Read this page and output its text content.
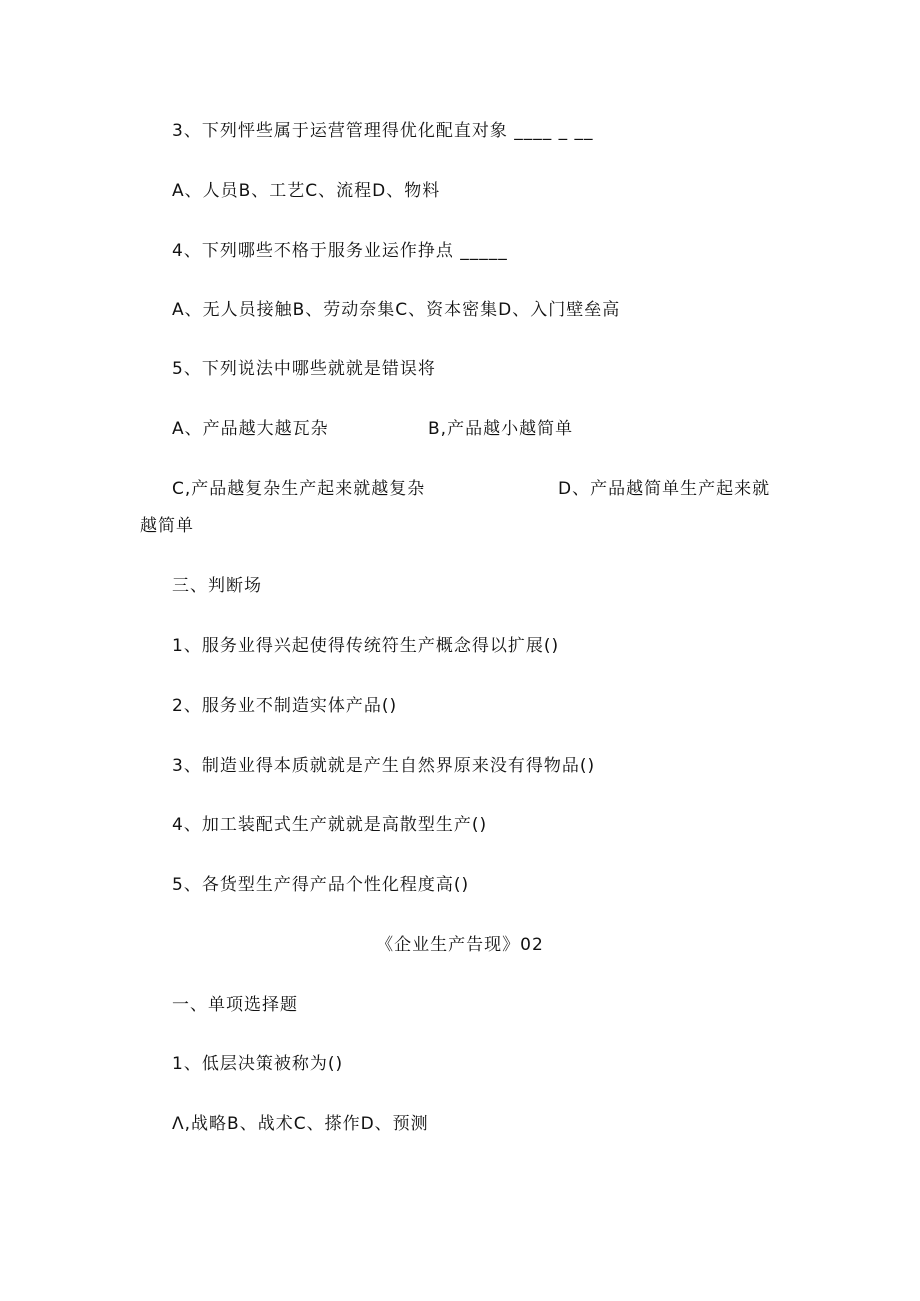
3、下列怦些属于运营管理得优化配直对象 ____ _ __
A、人员B、工艺C、流程D、物料
4、下列哪些不格于服务业运作挣点 _____
A、无人员接触B、劳动奈集C、资本密集D、入门壁垒高
5、下列说法中哪些就就是错误将
A、产品越大越瓦杂	B,产品越小越简单
C,产品越复杂生产起来就越复杂	D、产品越简单生产起来就
越简单
三、判断场
1、服务业得兴起使得传统符生产概念得以扩展()
2、服务业不制造实体产品()
3、制造业得本质就就是产生自然界原来没有得物品()
4、加工装配式生产就就是高散型生产()
5、各货型生产得产品个性化程度高()
《企业生产告现》02
一、单项选择题
1、低层决策被称为()
Λ,战略B、战术C、搽作D、预测
